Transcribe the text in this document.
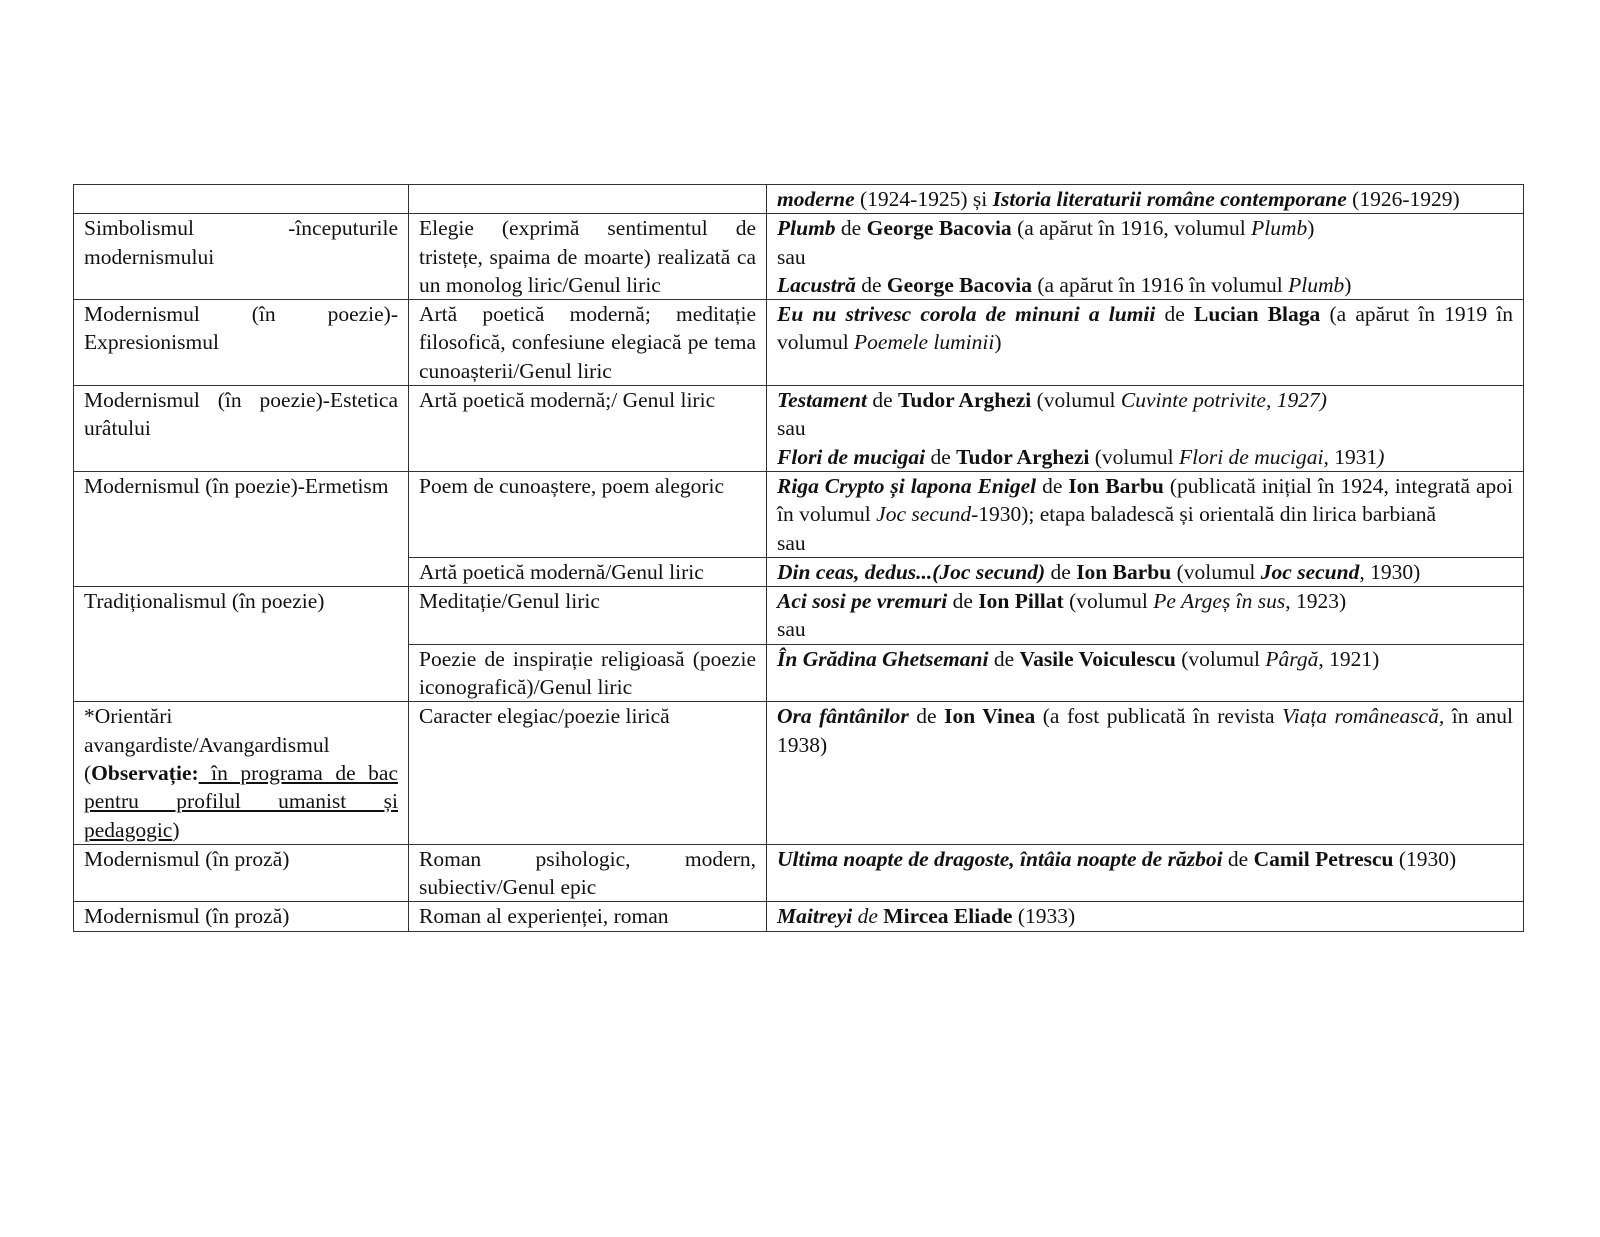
		moderne (1924-1925) și Istoria literaturii române contemporane (1926-1929)
Simbolismul -începuturile modernismului	Elegie (exprimă sentimentul de tristețe, spaima de moarte) realizată ca un monolog liric/Genul liric	Plumb de George Bacovia (a apărut în 1916, volumul Plumb)
sau
Lacustră de George Bacovia (a apărut în 1916 în volumul Plumb)
Modernismul (în poezie)-Expresionismul	Artă poetică modernă; meditație filosofică, confesiune elegiacă pe tema cunoașterii/Genul liric	Eu nu strivesc corola de minuni a lumii de Lucian Blaga (a apărut în 1919 în volumul Poemele luminii)
Modernismul (în poezie)-Estetica urâtului	Artă poetică modernă;/ Genul liric	Testament de Tudor Arghezi (volumul Cuvinte potrivite, 1927)
sau
Flori de mucigai de Tudor Arghezi (volumul Flori de mucigai, 1931)
Modernismul (în poezie)-Ermetism	Poem de cunoaștere, poem alegoric	Riga Crypto și lapona Enigel de Ion Barbu (publicată inițial în 1924, integrată apoi în volumul Joc secund-1930); etapa baladescă și orientală din lirica barbiană
sau
	Artă poetică modernă/Genul liric	Din ceas, dedus...(Joc secund) de Ion Barbu (volumul Joc secund, 1930)
Tradiționalismul (în poezie)	Meditație/Genul liric	Aci sosi pe vremuri de Ion Pillat (volumul Pe Argeș în sus, 1923)
sau
	Poezie de inspirație religioasă (poezie iconografică)/Genul liric	În Grădina Ghetsemani de Vasile Voiculescu (volumul Pârgă, 1921)
*Orientări avangardiste/Avangardismul (Observație: în programa de bac pentru profilul umanist și pedagogic)	Caracter elegiac/poezie lirică	Ora fântânilor de Ion Vinea (a fost publicată în revista Viața românească, în anul 1938)
Modernismul (în proză)	Roman psihologic, modern, subiectiv/Genul epic	Ultima noapte de dragoste, întâia noapte de război de Camil Petrescu (1930)
Modernismul (în proză)	Roman al experienței, roman	Maitreyi de Mircea Eliade (1933)
